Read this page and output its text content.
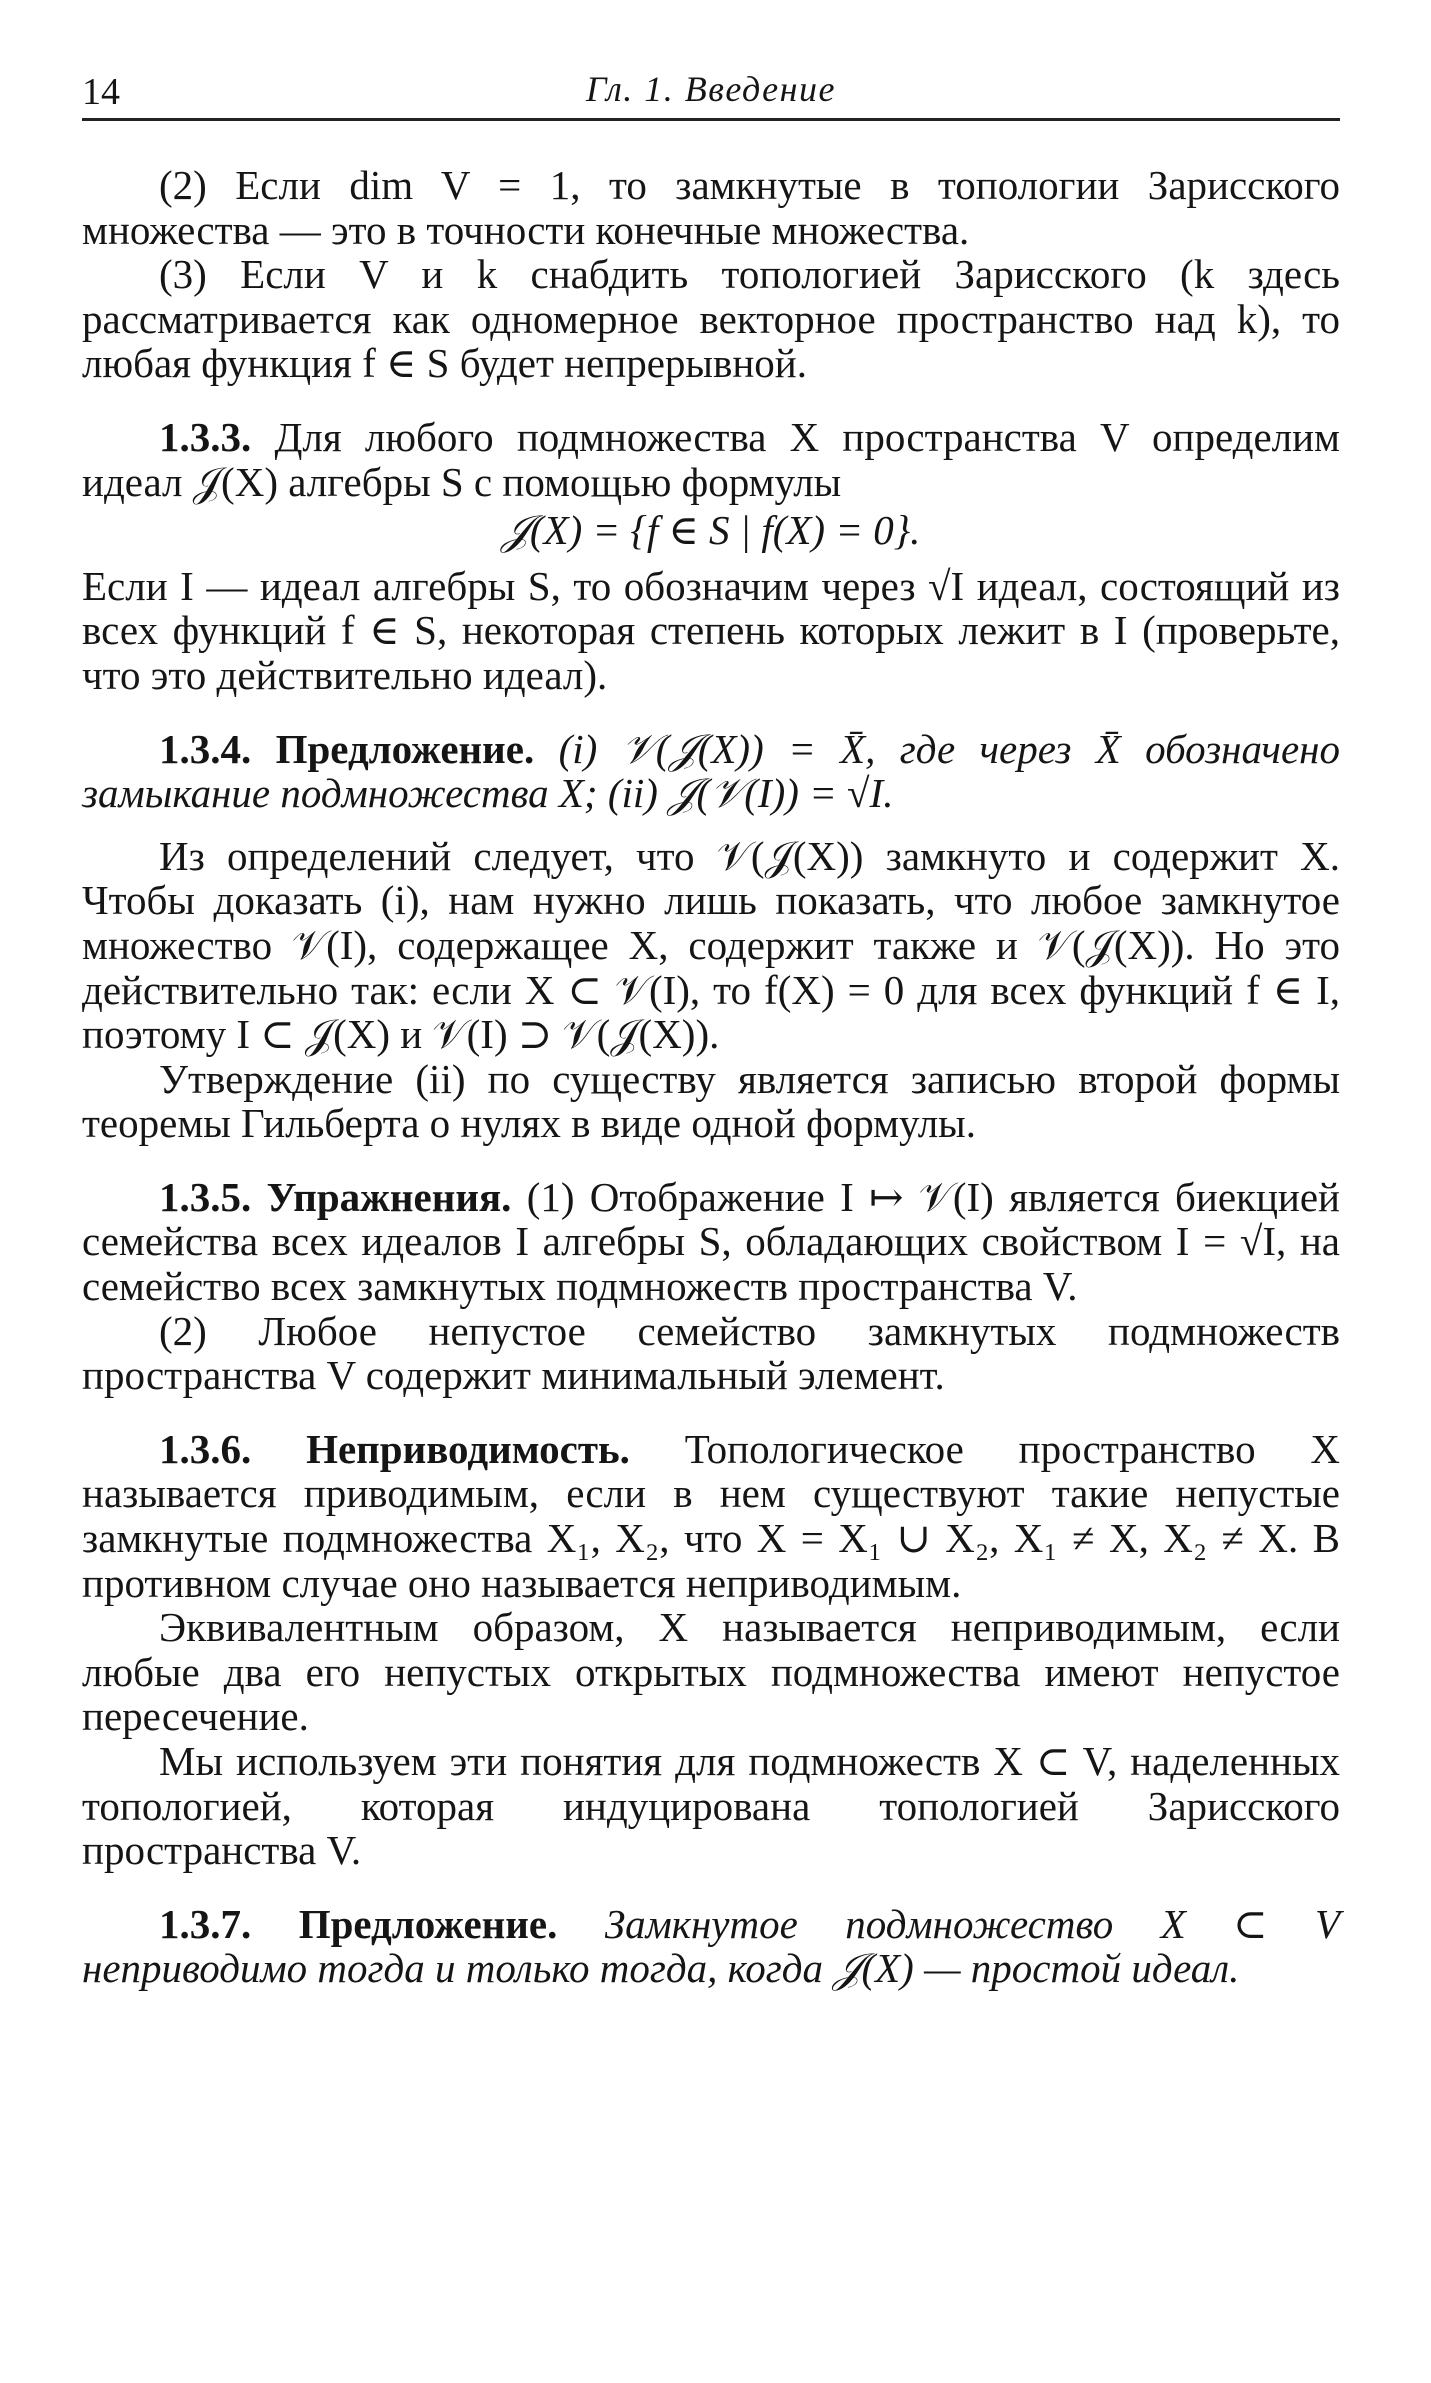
14	Гл. 1. Введение

(2) Если dim V = 1, то замкнутые в топологии Зарисского множества — это в точности конечные множества.

(3) Если V и k снабдить топологией Зарисского (k здесь рассматривается как одномерное векторное пространство над k), то любая функция f ∈ S будет непрерывной.

1.3.3. Для любого подмножества X пространства V определим идеал 𝒥(X) алгебры S с помощью формулы

𝒥(X) = {f ∈ S | f(X) = 0}.

Если I — идеал алгебры S, то обозначим через √I идеал, состоящий из всех функций f ∈ S, некоторая степень которых лежит в I (проверьте, что это действительно идеал).

1.3.4. Предложение. (i) 𝒱(𝒥(X)) = X̄, где через X̄ обозначено замыкание подмножества X; (ii) 𝒥(𝒱(I)) = √I.

Из определений следует, что 𝒱(𝒥(X)) замкнуто и содержит X. Чтобы доказать (i), нам нужно лишь показать, что любое замкнутое множество 𝒱(I), содержащее X, содержит также и 𝒱(𝒥(X)). Но это действительно так: если X ⊂ 𝒱(I), то f(X) = 0 для всех функций f ∈ I, поэтому I ⊂ 𝒥(X) и 𝒱(I) ⊃ 𝒱(𝒥(X)).

Утверждение (ii) по существу является записью второй формы теоремы Гильберта о нулях в виде одной формулы.

1.3.5. Упражнения. (1) Отображение I ↦ 𝒱(I) является биекцией семейства всех идеалов I алгебры S, обладающих свойством I = √I, на семейство всех замкнутых подмножеств пространства V.

(2) Любое непустое семейство замкнутых подмножеств пространства V содержит минимальный элемент.

1.3.6. Неприводимость. Топологическое пространство X называется приводимым, если в нем существуют такие непустые замкнутые подмножества X₁, X₂, что X = X₁ ∪ X₂, X₁ ≠ X, X₂ ≠ X. В противном случае оно называется неприводимым.

Эквивалентным образом, X называется неприводимым, если любые два его непустых открытых подмножества имеют непустое пересечение.

Мы используем эти понятия для подмножеств X ⊂ V, наделенных топологией, которая индуцирована топологией Зарисского пространства V.

1.3.7. Предложение. Замкнутое подмножество X ⊂ V неприводимо тогда и только тогда, когда 𝒥(X) — простой идеал.
